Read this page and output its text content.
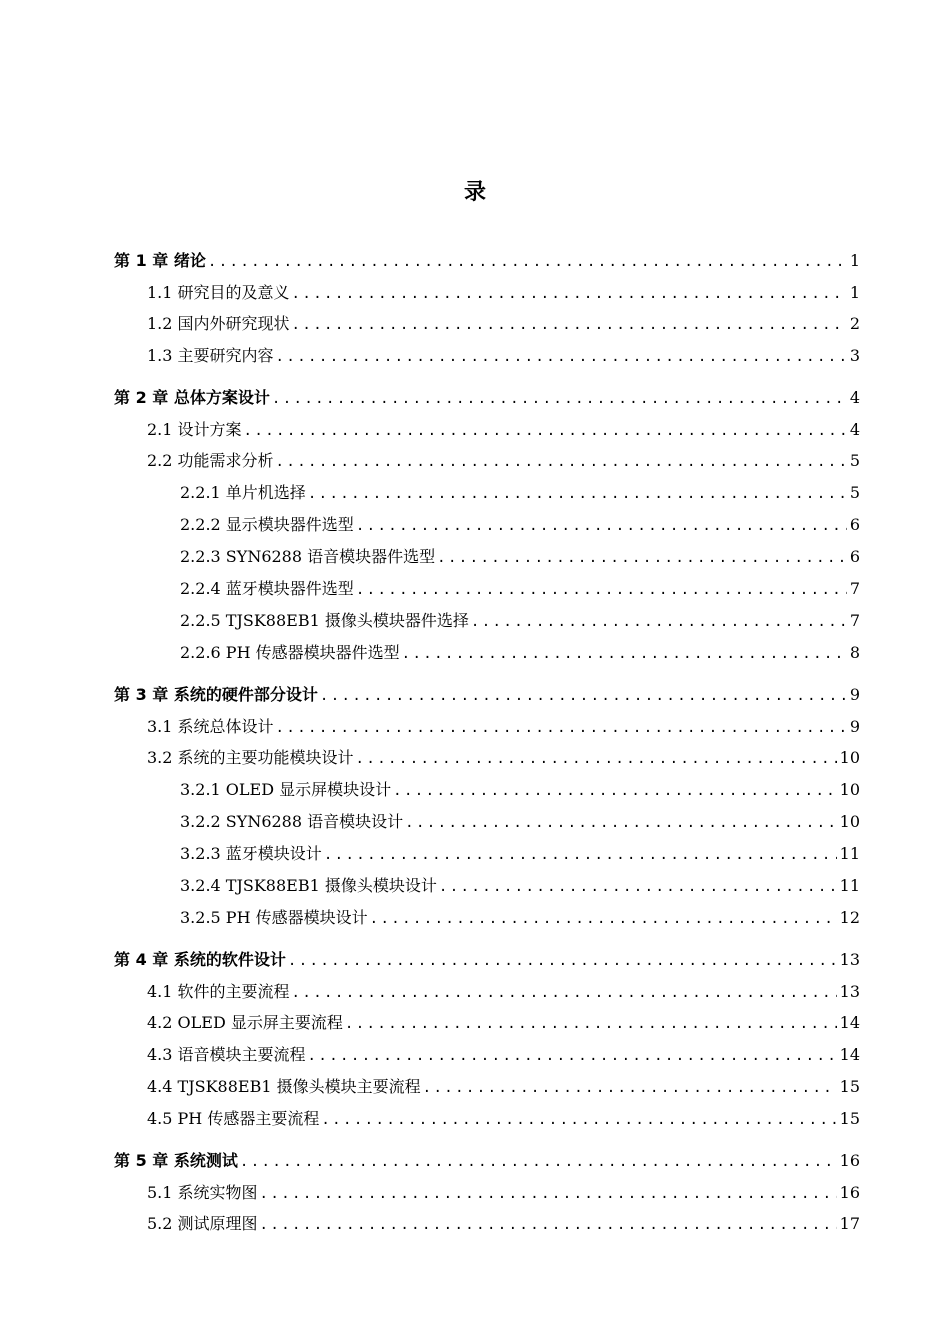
录
第 1 章 绪论 .....	1
1.1 研究目的及意义 .....	1
1.2 国内外研究现状 .....	2
1.3 主要研究内容 .....	3
第 2 章 总体方案设计 .....	4
2.1 设计方案 .....	4
2.2 功能需求分析 .....	5
2.2.1 单片机选择 .....	5
2.2.2 显示模块器件选型 .....	6
2.2.3 SYN6288 语音模块器件选型 .....	6
2.2.4 蓝牙模块器件选型 .....	7
2.2.5 TJSK88EB1 摄像头模块器件选择 .....	7
2.2.6 PH 传感器模块器件选型 .....	8
第 3 章 系统的硬件部分设计 .....	9
3.1 系统总体设计 .....	9
3.2 系统的主要功能模块设计 .....	10
3.2.1 OLED 显示屏模块设计 .....	10
3.2.2 SYN6288 语音模块设计 .....	10
3.2.3 蓝牙模块设计 .....	11
3.2.4 TJSK88EB1 摄像头模块设计 .....	11
3.2.5 PH 传感器模块设计 .....	12
第 4 章 系统的软件设计 .....	13
4.1 软件的主要流程 .....	13
4.2 OLED 显示屏主要流程 .....	14
4.3 语音模块主要流程 .....	14
4.4 TJSK88EB1 摄像头模块主要流程 .....	15
4.5 PH 传感器主要流程 .....	15
第 5 章 系统测试 .....	16
5.1 系统实物图 .....	16
5.2 测试原理图 .....	17
